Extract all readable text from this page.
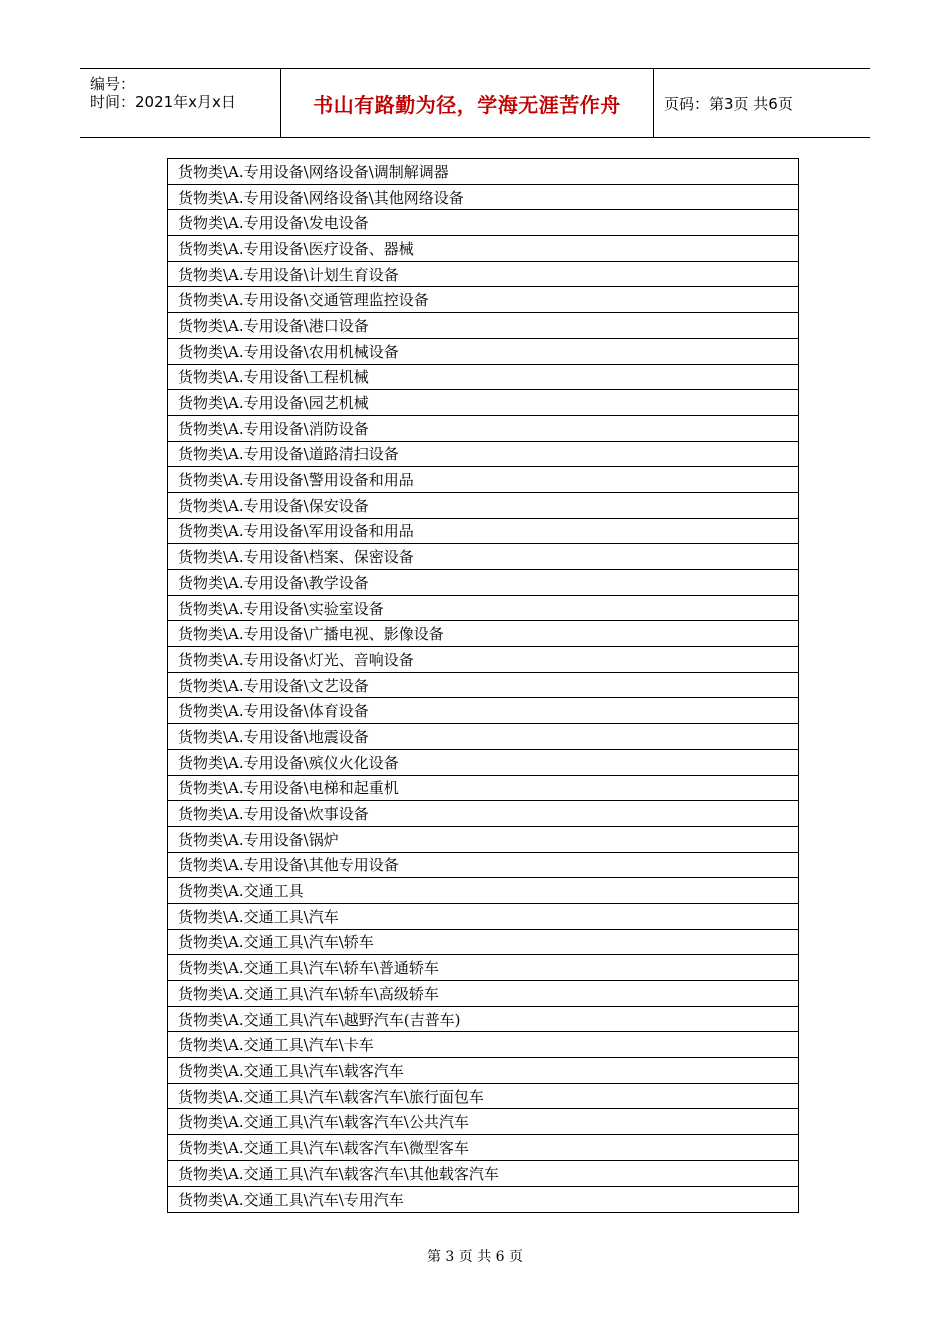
编号：
时间：2021年x月x日	书山有路勤为径，学海无涯苦作舟	页码：第3页 共6页
货物类\A.专用设备\网络设备\调制解调器
货物类\A.专用设备\网络设备\其他网络设备
货物类\A.专用设备\发电设备
货物类\A.专用设备\医疗设备、器械
货物类\A.专用设备\计划生育设备
货物类\A.专用设备\交通管理监控设备
货物类\A.专用设备\港口设备
货物类\A.专用设备\农用机械设备
货物类\A.专用设备\工程机械
货物类\A.专用设备\园艺机械
货物类\A.专用设备\消防设备
货物类\A.专用设备\道路清扫设备
货物类\A.专用设备\警用设备和用品
货物类\A.专用设备\保安设备
货物类\A.专用设备\军用设备和用品
货物类\A.专用设备\档案、保密设备
货物类\A.专用设备\教学设备
货物类\A.专用设备\实验室设备
货物类\A.专用设备\广播电视、影像设备
货物类\A.专用设备\灯光、音响设备
货物类\A.专用设备\文艺设备
货物类\A.专用设备\体育设备
货物类\A.专用设备\地震设备
货物类\A.专用设备\殡仪火化设备
货物类\A.专用设备\电梯和起重机
货物类\A.专用设备\炊事设备
货物类\A.专用设备\锅炉
货物类\A.专用设备\其他专用设备
货物类\A.交通工具
货物类\A.交通工具\汽车
货物类\A.交通工具\汽车\轿车
货物类\A.交通工具\汽车\轿车\普通轿车
货物类\A.交通工具\汽车\轿车\高级轿车
货物类\A.交通工具\汽车\越野汽车(吉普车)
货物类\A.交通工具\汽车\卡车
货物类\A.交通工具\汽车\载客汽车
货物类\A.交通工具\汽车\载客汽车\旅行面包车
货物类\A.交通工具\汽车\载客汽车\公共汽车
货物类\A.交通工具\汽车\载客汽车\微型客车
货物类\A.交通工具\汽车\载客汽车\其他载客汽车
货物类\A.交通工具\汽车\专用汽车
第 3 页 共 6 页
